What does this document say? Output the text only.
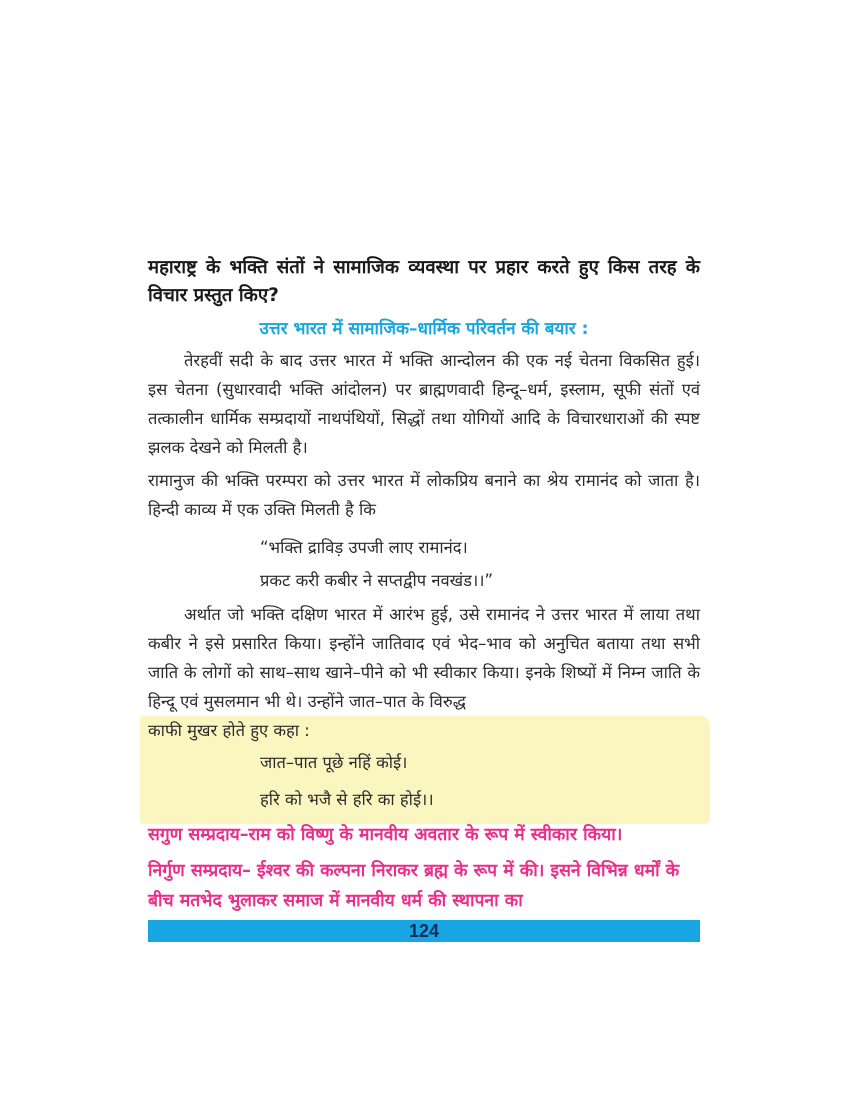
महाराष्ट्र के भक्ति संतों ने सामाजिक व्यवस्था पर प्रहार करते हुए किस तरह के विचार प्रस्तुत किए?
उत्तर भारत में सामाजिक–धार्मिक परिवर्तन की बयार :

तेरहवीं सदी के बाद उत्तर भारत में भक्ति आन्दोलन की एक नई चेतना विकसित हुई। इस चेतना (सुधारवादी भक्ति आंदोलन) पर ब्राह्मणवादी हिन्दू–धर्म, इस्लाम, सूफी संतों एवं तत्कालीन धार्मिक सम्प्रदायों नाथपंथियों, सिद्धों तथा योगियों आदि के विचारधाराओं की स्पष्ट झलक देखने को मिलती है।

रामानुज की भक्ति परम्परा को उत्तर भारत में लोकप्रिय बनाने का श्रेय रामानंद को जाता है। हिन्दी काव्य में एक उक्ति मिलती है कि

“भक्ति द्राविड़ उपजी लाए रामानंद।
प्रकट करी कबीर ने सप्तद्वीप नवखंड।।”

अर्थात जो भक्ति दक्षिण भारत में आरंभ हुई, उसे रामानंद ने उत्तर भारत में लाया तथा कबीर ने इसे प्रसारित किया। इन्होंने जातिवाद एवं भेद–भाव को अनुचित बताया तथा सभी जाति के लोगों को साथ–साथ खाने–पीने को भी स्वीकार किया। इनके शिष्यों में निम्न जाति के हिन्दू एवं मुसलमान भी थे। उन्होंने जात–पात के विरुद्ध

काफी मुखर होते हुए कहा :

जात–पात पूछे नहिं कोई।
हरि को भजै से हरि का होई।।

सगुण सम्प्रदाय–राम को विष्णु के मानवीय अवतार के रूप में स्वीकार किया।

निर्गुण सम्प्रदाय– ईश्वर की कल्पना निराकर ब्रह्म के रूप में की। इसने विभिन्न धर्मों के बीच मतभेद भुलाकर समाज में मानवीय धर्म की स्थापना का

124
